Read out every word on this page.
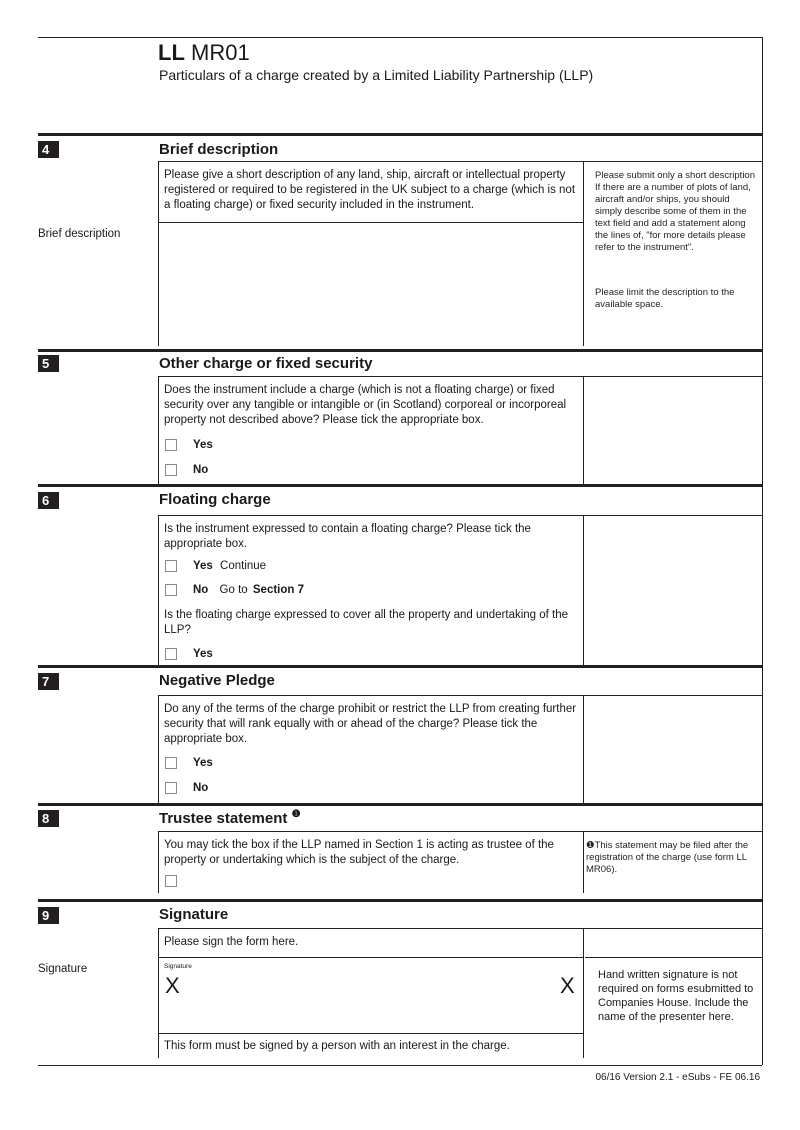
LL MR01
Particulars of a charge created by a Limited Liability Partnership (LLP)
4	Brief description
Please give a short description of any land, ship, aircraft or intellectual property registered or required to be registered in the UK subject to a charge (which is not a floating charge) or fixed security included in the instrument.
Brief description
Please submit only a short description If there are a number of plots of land, aircraft and/or ships, you should simply describe some of them in the text field and add a statement along the lines of, "for more details please refer to the instrument".
Please limit the description to the available space.
5	Other charge or fixed security
Does the instrument include a charge (which is not a floating charge) or fixed security over any tangible or intangible or (in Scotland) corporeal or incorporeal property not described above? Please tick the appropriate box.
Yes
No
6	Floating charge
Is the instrument expressed to contain a floating charge? Please tick the appropriate box.
Yes Continue
No Go to Section 7
Is the floating charge expressed to cover all the property and undertaking of the LLP?
Yes
7	Negative Pledge
Do any of the terms of the charge prohibit or restrict the LLP from creating further security that will rank equally with or ahead of the charge? Please tick the appropriate box.
Yes
No
8	Trustee statement $^❶$
You may tick the box if the LLP named in Section 1 is acting as trustee of the property or undertaking which is the subject of the charge.
❶This statement may be filed after the registration of the charge (use form LL MR06).
9	Signature
Please sign the form here.
Signature	Signature
X	X
This form must be signed by a person with an interest in the charge.
Hand written signature is not required on forms esubmitted to Companies House. Include the name of the presenter here.
06/16 Version 2.1 - eSubs - FE 06.16
